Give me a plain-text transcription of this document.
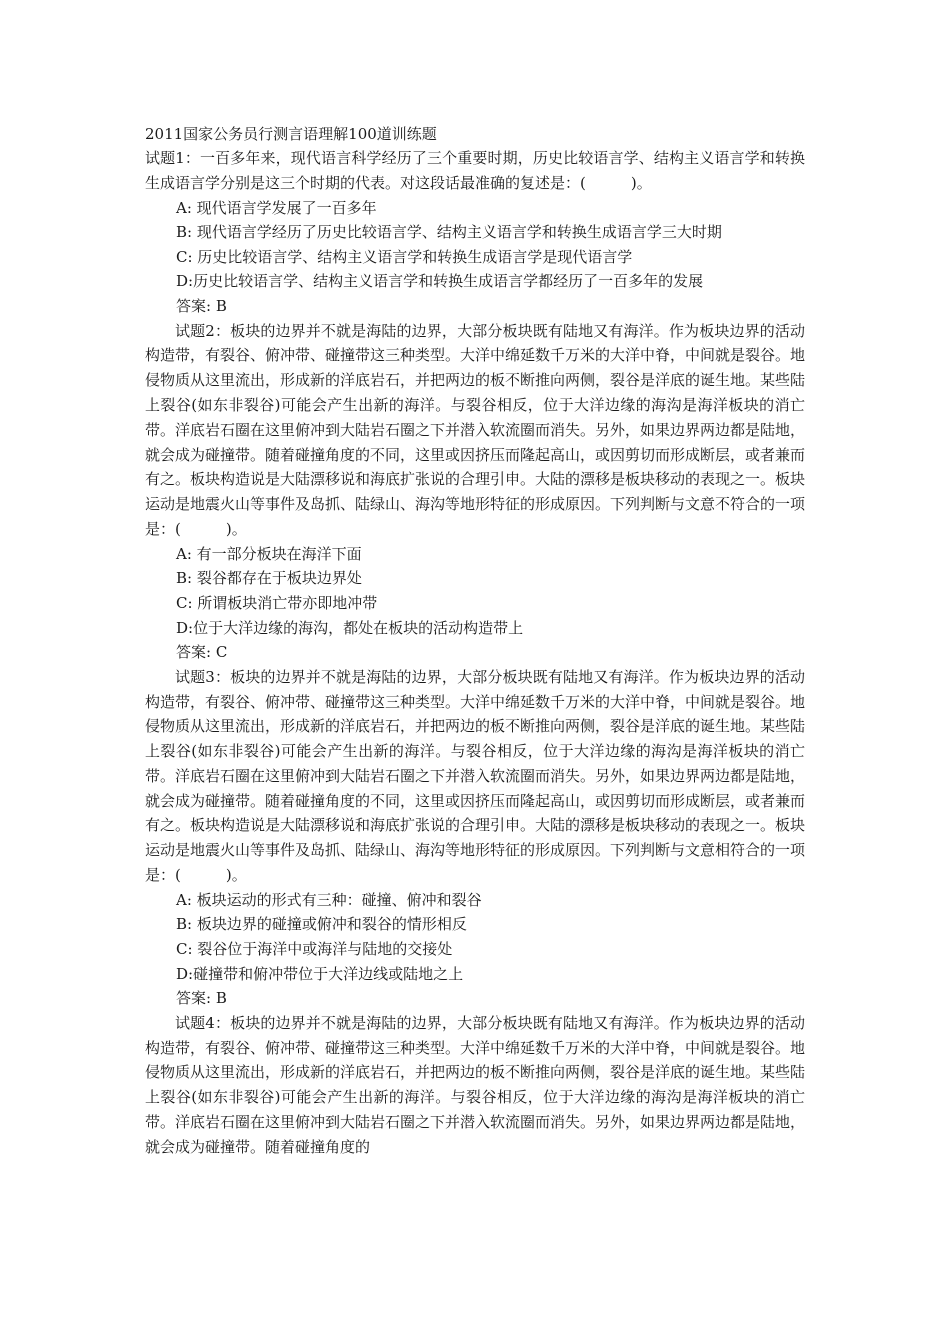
2011国家公务员行测言语理解100道训练题

试题1：一百多年来，现代语言科学经历了三个重要时期，历史比较语言学、结构主义语言学和转换生成语言学分别是这三个时期的代表。对这段话最准确的复述是：(　　　)。

A: 现代语言学发展了一百多年

B: 现代语言学经历了历史比较语言学、结构主义语言学和转换生成语言学三大时期

C: 历史比较语言学、结构主义语言学和转换生成语言学是现代语言学

D:历史比较语言学、结构主义语言学和转换生成语言学都经历了一百多年的发展

答案: B

试题2：板块的边界并不就是海陆的边界，大部分板块既有陆地又有海洋。作为板块边界的活动构造带，有裂谷、俯冲带、碰撞带这三种类型。大洋中绵延数千万米的大洋中脊，中间就是裂谷。地侵物质从这里流出，形成新的洋底岩石，并把两边的板不断推向两侧，裂谷是洋底的诞生地。某些陆上裂谷(如东非裂谷)可能会产生出新的海洋。与裂谷相反，位于大洋边缘的海沟是海洋板块的消亡带。洋底岩石圈在这里俯冲到大陆岩石圈之下并潜入软流圈而消失。另外，如果边界两边都是陆地，就会成为碰撞带。随着碰撞角度的不同，这里或因挤压而隆起高山，或因剪切而形成断层，或者兼而有之。板块构造说是大陆漂移说和海底扩张说的合理引申。大陆的漂移是板块移动的表现之一。板块运动是地震火山等事件及岛抓、陆绿山、海沟等地形特征的形成原因。下列判断与文意不符合的一项是：(　　　)。

A: 有一部分板块在海洋下面

B: 裂谷都存在于板块边界处

C: 所谓板块消亡带亦即地冲带

D:位于大洋边缘的海沟，都处在板块的活动构造带上

答案: C

试题3：板块的边界并不就是海陆的边界，大部分板块既有陆地又有海洋。作为板块边界的活动构造带，有裂谷、俯冲带、碰撞带这三种类型。大洋中绵延数千万米的大洋中脊，中间就是裂谷。地侵物质从这里流出，形成新的洋底岩石，并把两边的板不断推向两侧，裂谷是洋底的诞生地。某些陆上裂谷(如东非裂谷)可能会产生出新的海洋。与裂谷相反，位于大洋边缘的海沟是海洋板块的消亡带。洋底岩石圈在这里俯冲到大陆岩石圈之下并潜入软流圈而消失。另外，如果边界两边都是陆地，就会成为碰撞带。随着碰撞角度的不同，这里或因挤压而隆起高山，或因剪切而形成断层，或者兼而有之。板块构造说是大陆漂移说和海底扩张说的合理引申。大陆的漂移是板块移动的表现之一。板块运动是地震火山等事件及岛抓、陆绿山、海沟等地形特征的形成原因。下列判断与文意相符合的一项是：(　　　)。

A: 板块运动的形式有三种：碰撞、俯冲和裂谷

B: 板块边界的碰撞或俯冲和裂谷的情形相反

C: 裂谷位于海洋中或海洋与陆地的交接处

D:碰撞带和俯冲带位于大洋边线或陆地之上

答案: B

试题4：板块的边界并不就是海陆的边界，大部分板块既有陆地又有海洋。作为板块边界的活动构造带，有裂谷、俯冲带、碰撞带这三种类型。大洋中绵延数千万米的大洋中脊，中间就是裂谷。地侵物质从这里流出，形成新的洋底岩石，并把两边的板不断推向两侧，裂谷是洋底的诞生地。某些陆上裂谷(如东非裂谷)可能会产生出新的海洋。与裂谷相反，位于大洋边缘的海沟是海洋板块的消亡带。洋底岩石圈在这里俯冲到大陆岩石圈之下并潜入软流圈而消失。另外，如果边界两边都是陆地，就会成为碰撞带。随着碰撞角度的
